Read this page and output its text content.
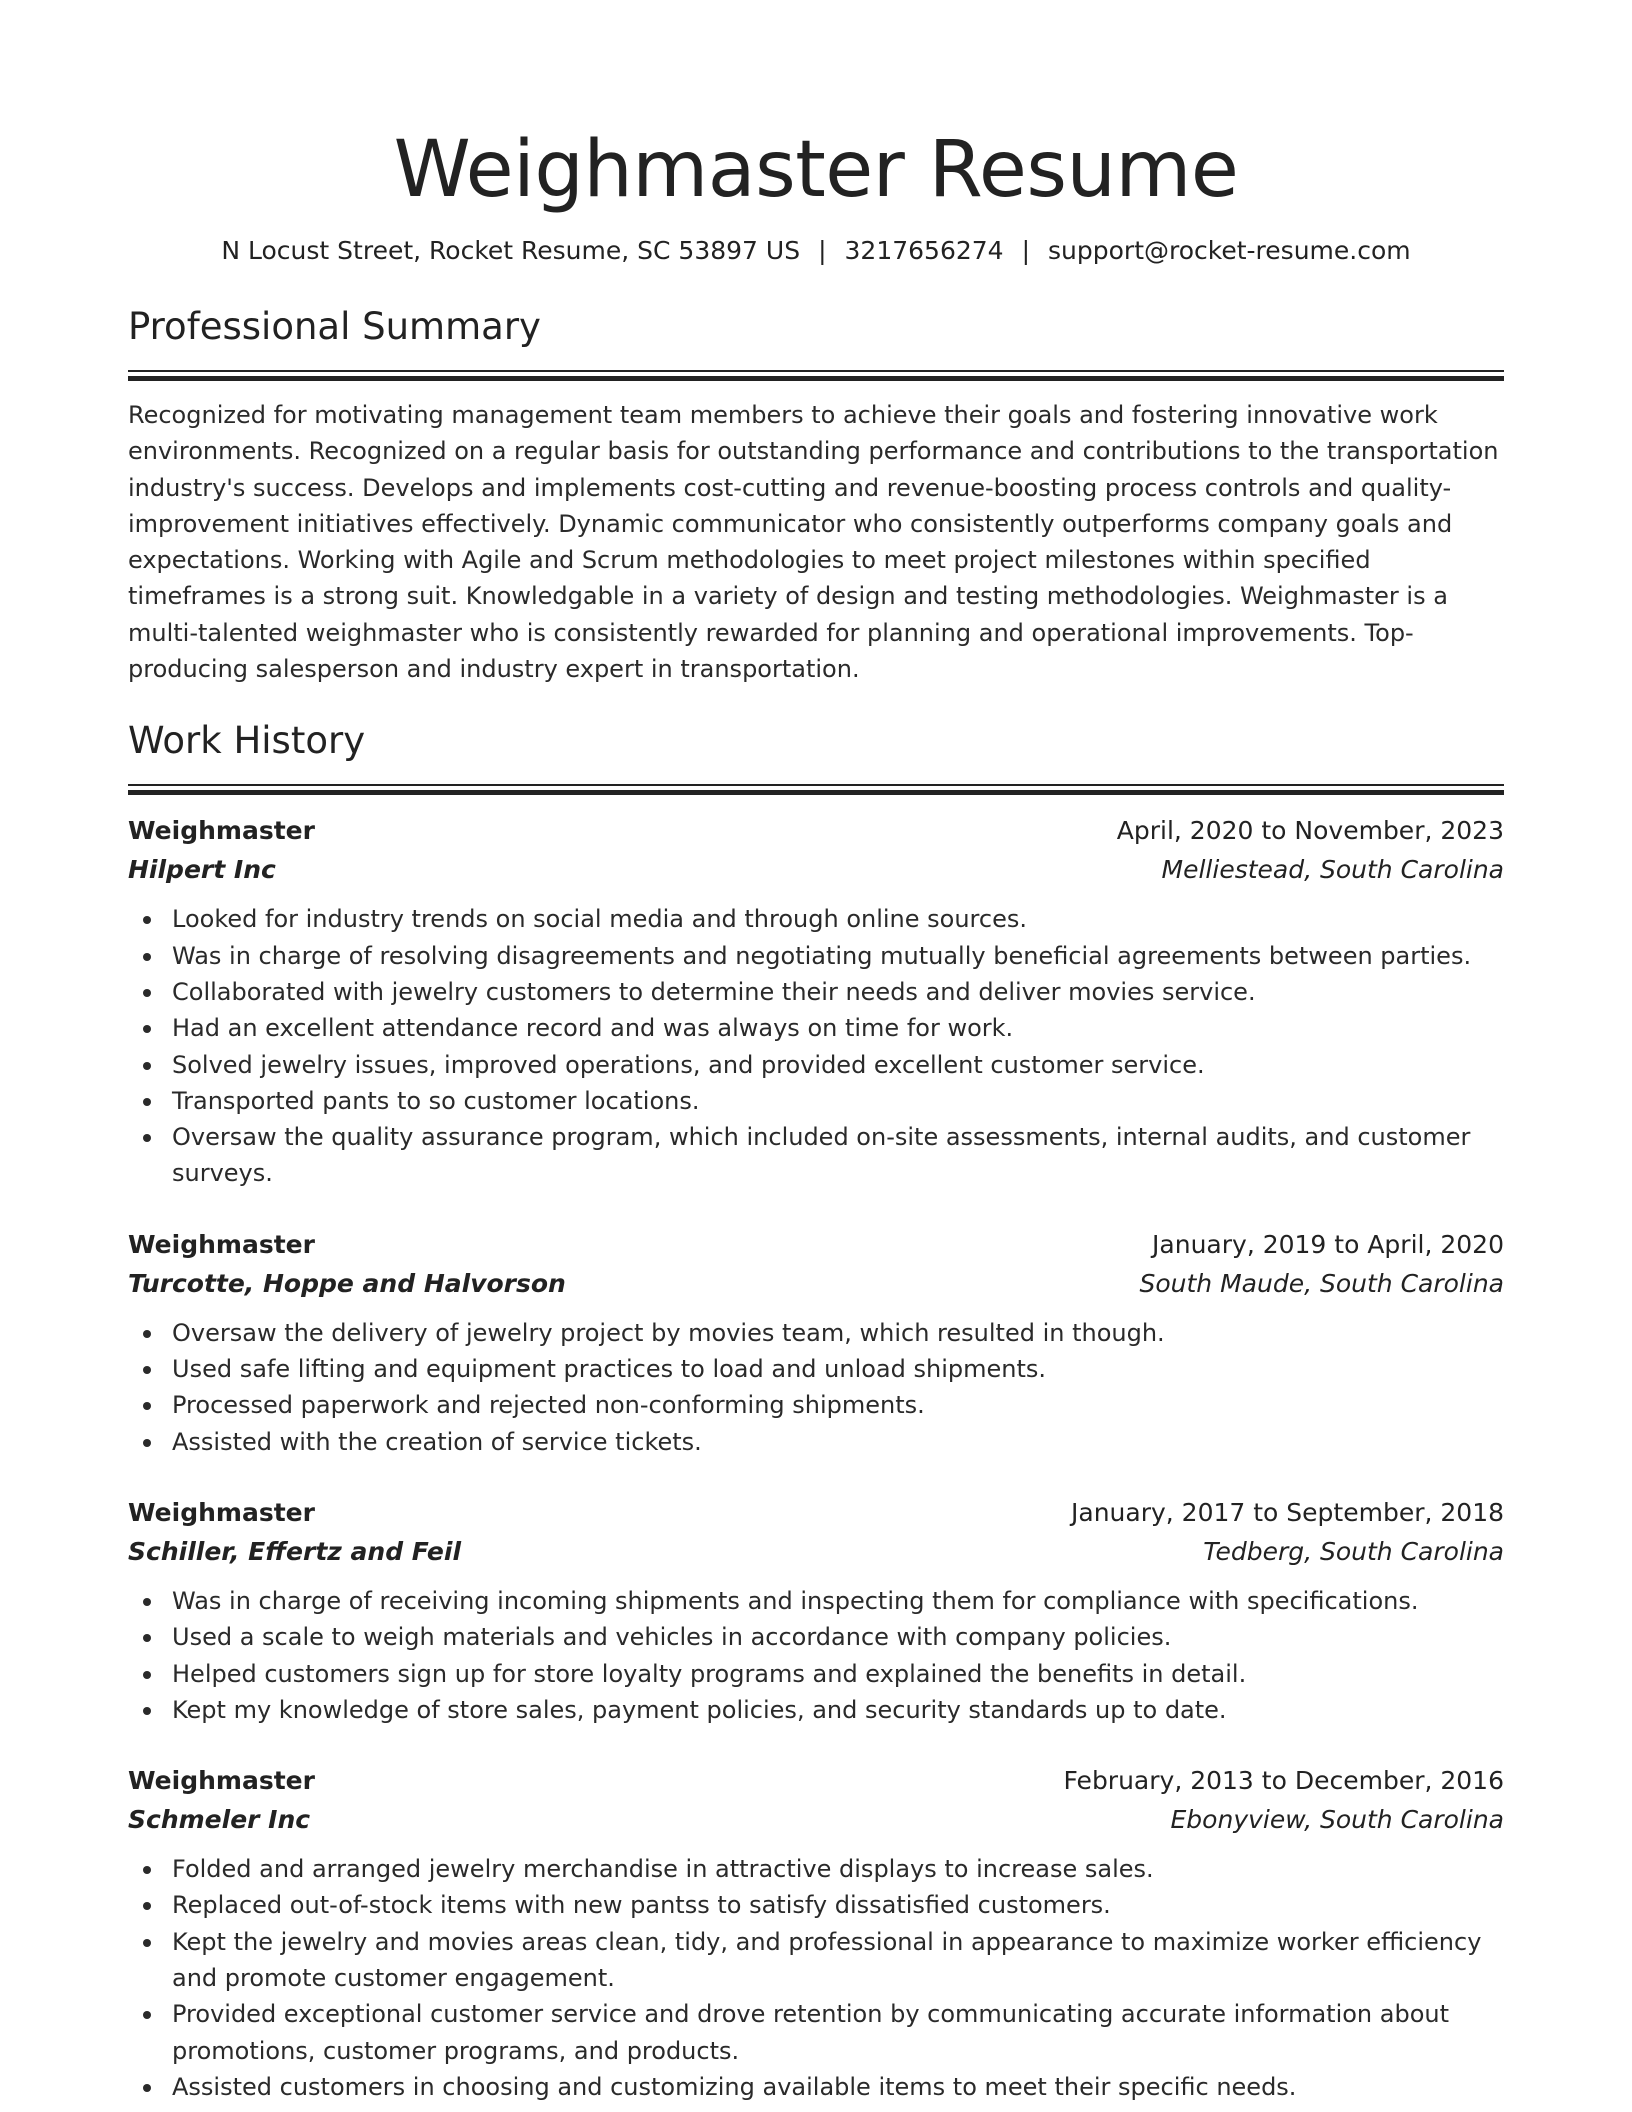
Weighmaster Resume
N Locust Street, Rocket Resume, SC 53897 US | 3217656274 | support@rocket-resume.com
Professional Summary

Recognized for motivating management team members to achieve their goals and fostering innovative work environments. Recognized on a regular basis for outstanding performance and contributions to the transportation industry's success. Develops and implements cost-cutting and revenue-boosting process controls and quality-improvement initiatives effectively. Dynamic communicator who consistently outperforms company goals and expectations. Working with Agile and Scrum methodologies to meet project milestones within specified timeframes is a strong suit. Knowledgable in a variety of design and testing methodologies. Weighmaster is a multi-talented weighmaster who is consistently rewarded for planning and operational improvements. Top-producing salesperson and industry expert in transportation.

Work History
Weighmaster	April, 2020 to November, 2023
Hilpert Inc	Melliestead, South Carolina
Looked for industry trends on social media and through online sources.
Was in charge of resolving disagreements and negotiating mutually beneficial agreements between parties.
Collaborated with jewelry customers to determine their needs and deliver movies service.
Had an excellent attendance record and was always on time for work.
Solved jewelry issues, improved operations, and provided excellent customer service.
Transported pants to so customer locations.
Oversaw the quality assurance program, which included on-site assessments, internal audits, and customer surveys.
Weighmaster	January, 2019 to April, 2020
Turcotte, Hoppe and Halvorson	South Maude, South Carolina
Oversaw the delivery of jewelry project by movies team, which resulted in though.
Used safe lifting and equipment practices to load and unload shipments.
Processed paperwork and rejected non-conforming shipments.
Assisted with the creation of service tickets.
Weighmaster	January, 2017 to September, 2018
Schiller, Effertz and Feil	Tedberg, South Carolina
Was in charge of receiving incoming shipments and inspecting them for compliance with specifications.
Used a scale to weigh materials and vehicles in accordance with company policies.
Helped customers sign up for store loyalty programs and explained the benefits in detail.
Kept my knowledge of store sales, payment policies, and security standards up to date.
Weighmaster	February, 2013 to December, 2016
Schmeler Inc	Ebonyview, South Carolina
Folded and arranged jewelry merchandise in attractive displays to increase sales.
Replaced out-of-stock items with new pantss to satisfy dissatisfied customers.
Kept the jewelry and movies areas clean, tidy, and professional in appearance to maximize worker efficiency and promote customer engagement.
Provided exceptional customer service and drove retention by communicating accurate information about promotions, customer programs, and products.
Assisted customers in choosing and customizing available items to meet their specific needs.
